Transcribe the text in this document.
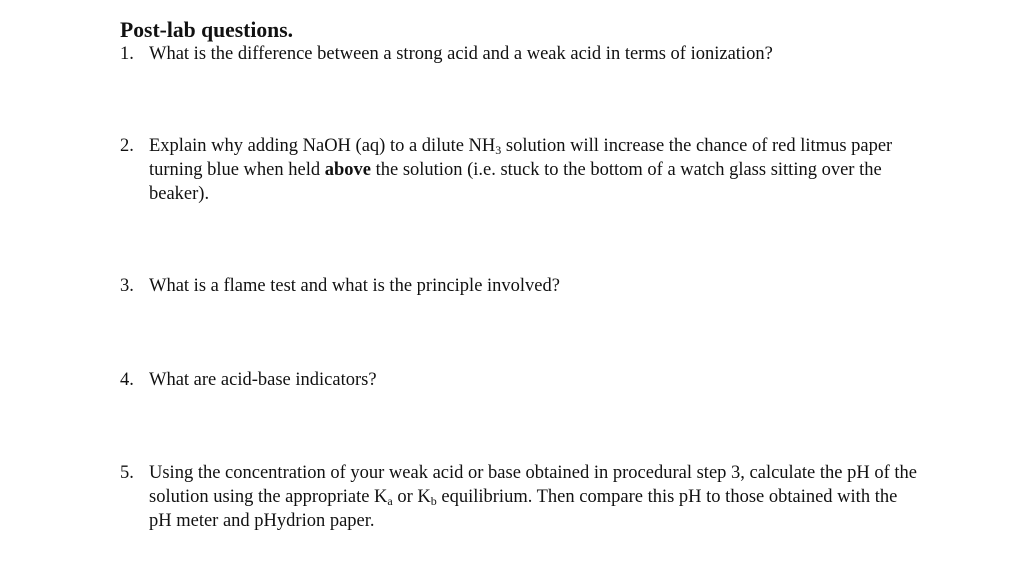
Post-lab questions.
1. What is the difference between a strong acid and a weak acid in terms of ionization?
2. Explain why adding NaOH (aq) to a dilute $NH_3$ solution will increase the chance of red litmus paper turning blue when held above the solution (i.e. stuck to the bottom of a watch glass sitting over the beaker).
3. What is a flame test and what is the principle involved?
4. What are acid-base indicators?
5. Using the concentration of your weak acid or base obtained in procedural step 3, calculate the pH of the solution using the appropriate $K_a$ or $K_b$ equilibrium. Then compare this pH to those obtained with the pH meter and pHydrion paper.
